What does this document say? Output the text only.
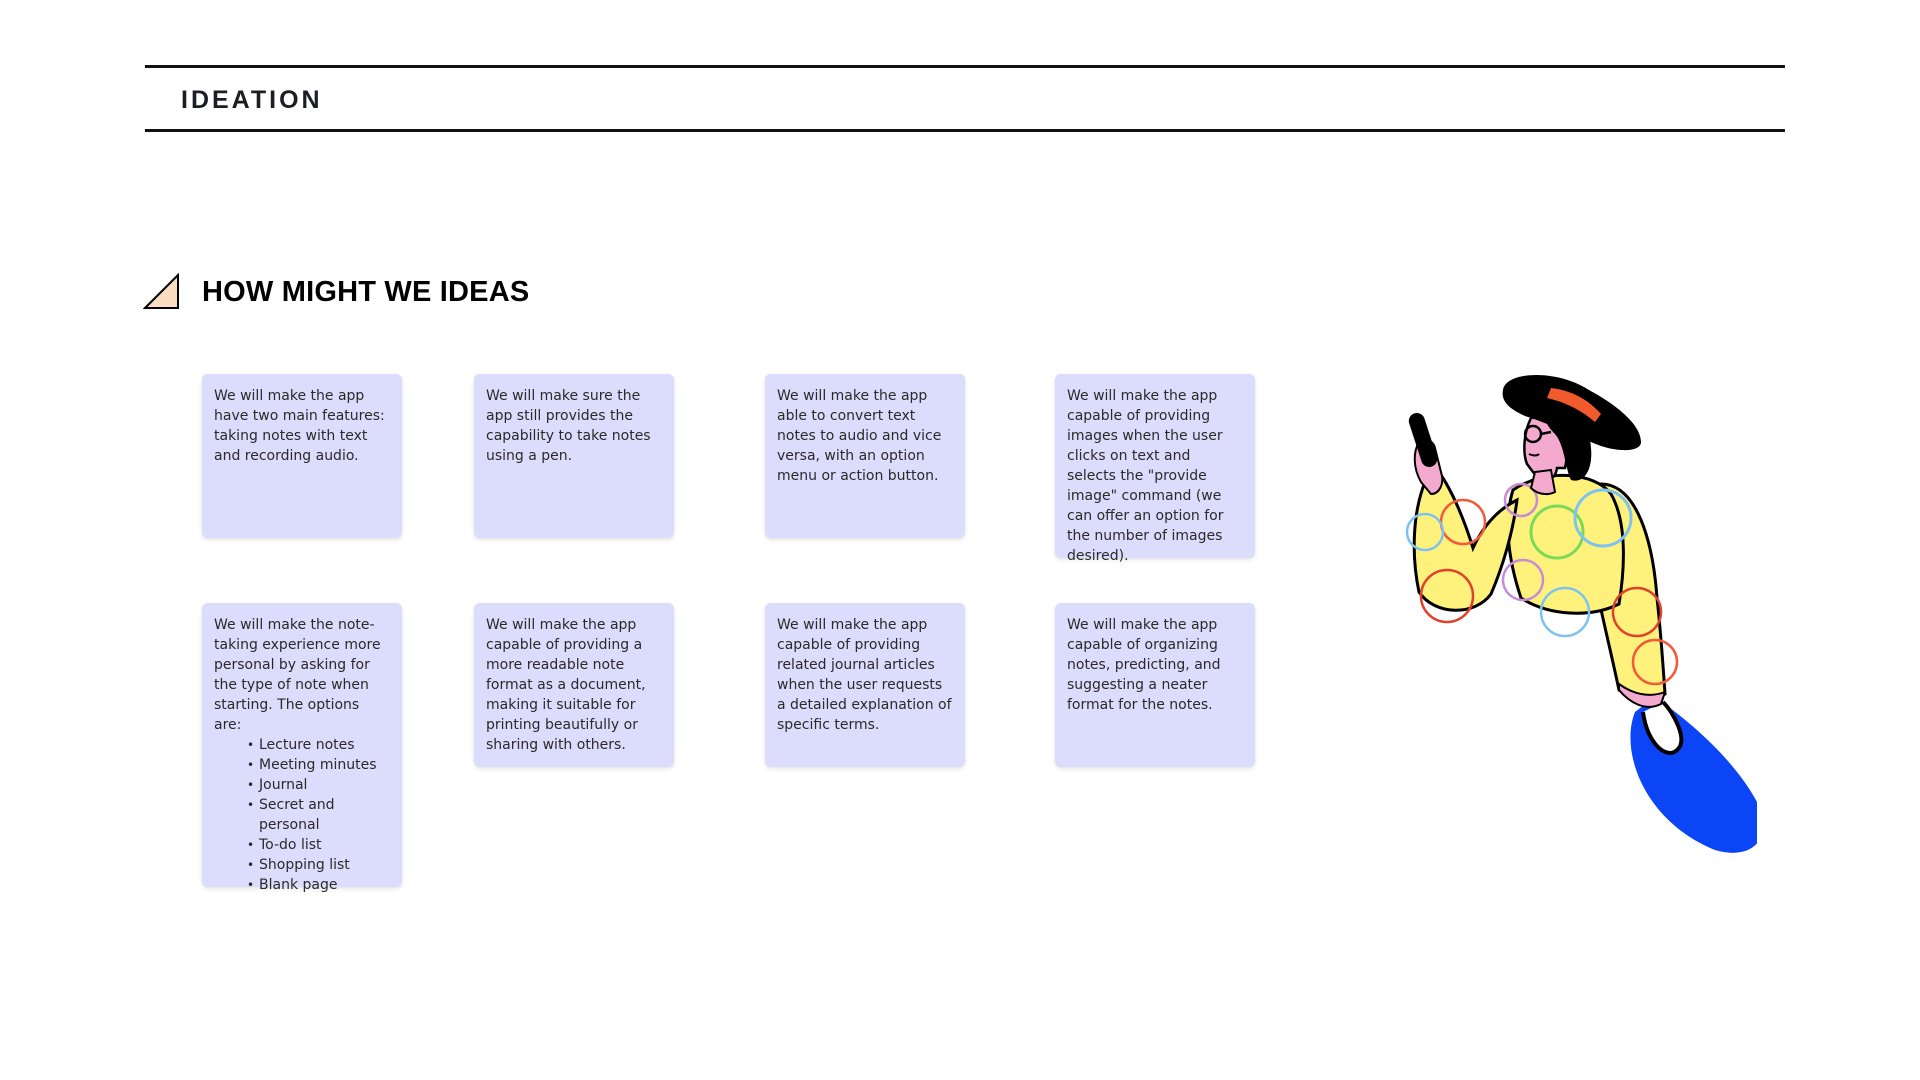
IDEATION
HOW MIGHT WE IDEAS

We will make the app have two main features: taking notes with text and recording audio.

We will make sure the app still provides the capability to take notes using a pen.

We will make the app able to convert text notes to audio and vice versa, with an option menu or action button.

We will make the app capable of providing images when the user clicks on text and selects the "provide image" command (we can offer an option for the number of images desired).

We will make the note-taking experience more personal by asking for the type of note when starting. The options are:

• Lecture notes
• Meeting minutes
• Journal
• Secret and personal
• To-do list
• Shopping list
• Blank page

We will make the app capable of providing a more readable note format as a document, making it suitable for printing beautifully or sharing with others.

We will make the app capable of providing related journal articles when the user requests a detailed explanation of specific terms.

We will make the app capable of organizing notes, predicting, and suggesting a neater format for the notes.
